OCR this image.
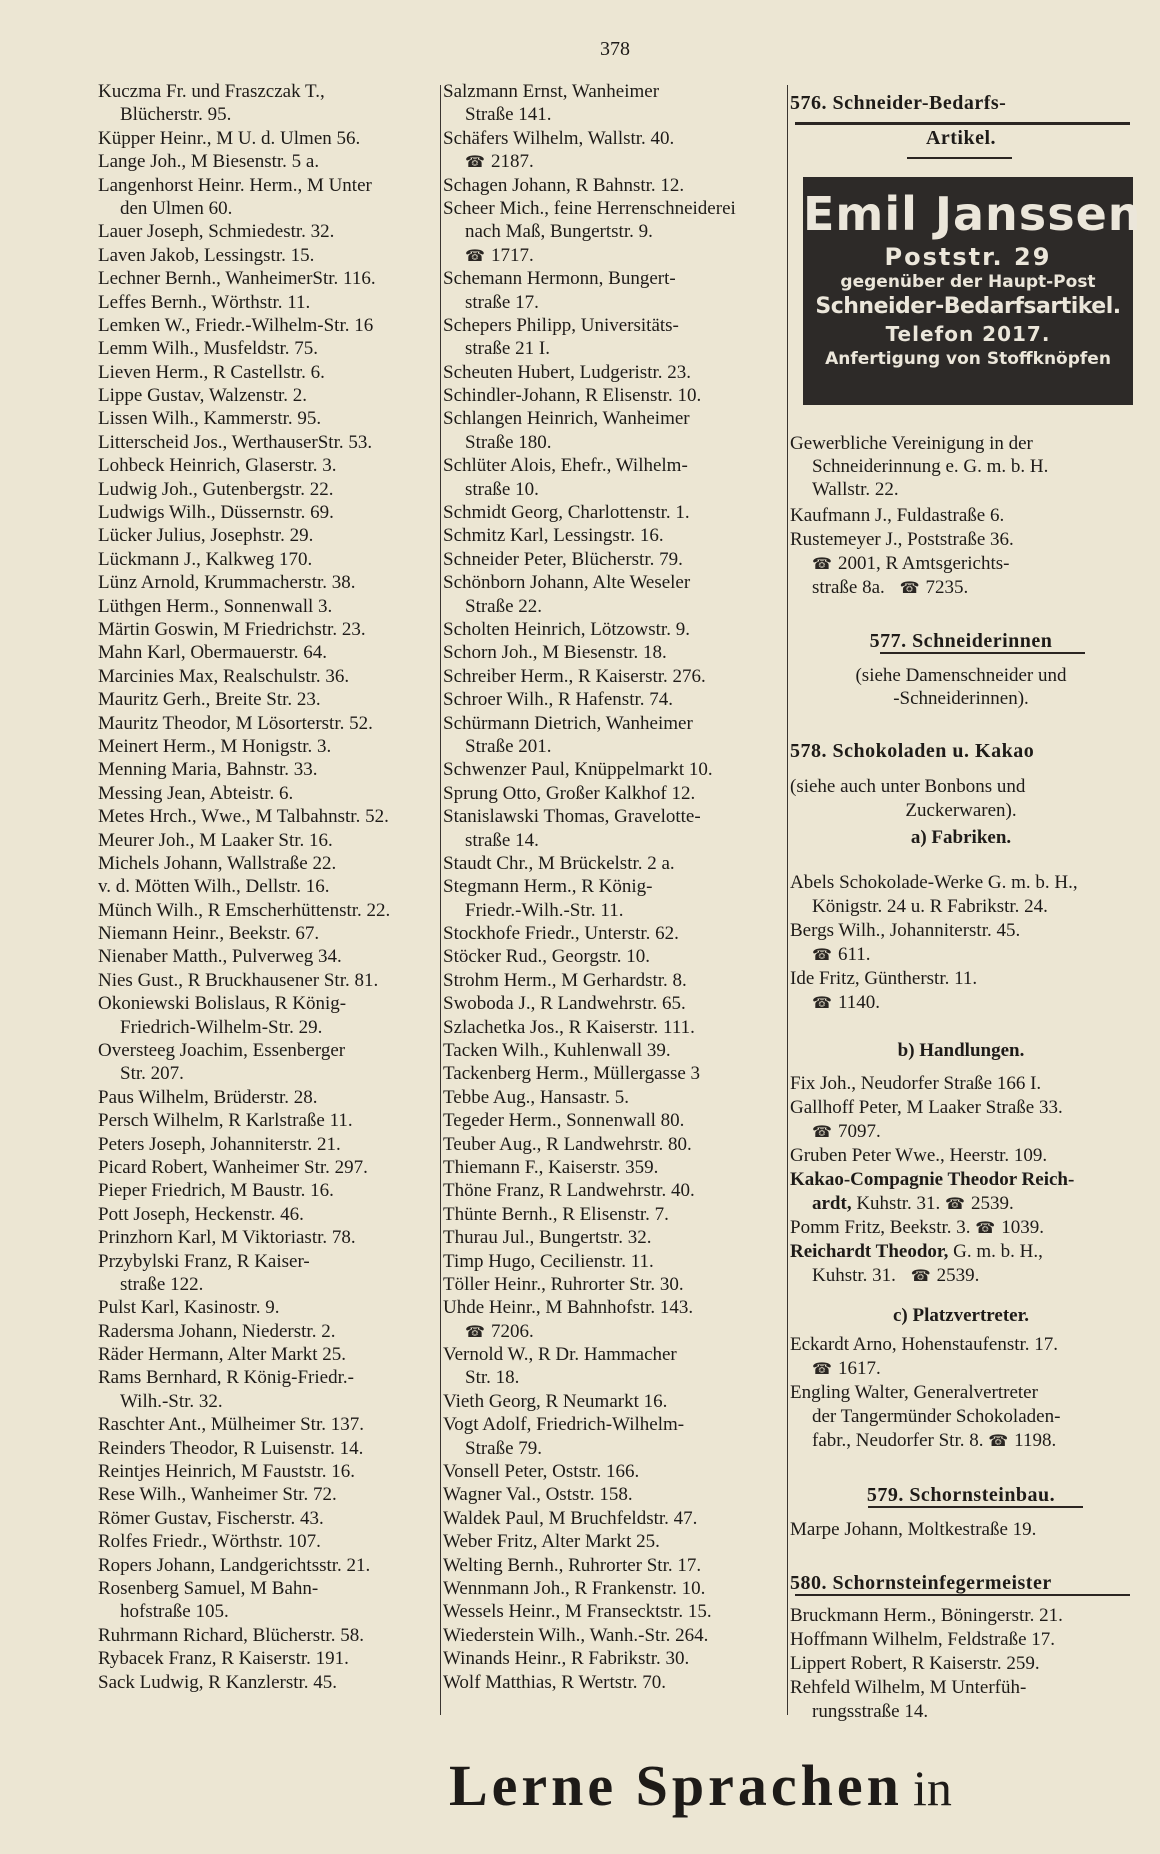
378
Kuczma Fr. und Fraszczak T.,
Blücherstr. 95.
Küpper Heinr., M U. d. Ulmen 56.
Lange Joh., M Biesenstr. 5 a.
Langenhorst Heinr. Herm., M Unter
den Ulmen 60.
Lauer Joseph, Schmiedestr. 32.
Laven Jakob, Lessingstr. 15.
Lechner Bernh., WanheimerStr. 116.
Leffes Bernh., Wörthstr. 11.
Lemken W., Friedr.-Wilhelm-Str. 16
Lemm Wilh., Musfeldstr. 75.
Lieven Herm., R Castellstr. 6.
Lippe Gustav, Walzenstr. 2.
Lissen Wilh., Kammerstr. 95.
Litterscheid Jos., WerthauserStr. 53.
Lohbeck Heinrich, Glaserstr. 3.
Ludwig Joh., Gutenbergstr. 22.
Ludwigs Wilh., Düssernstr. 69.
Lücker Julius, Josephstr. 29.
Lückmann J., Kalkweg 170.
Lünz Arnold, Krummacherstr. 38.
Lüthgen Herm., Sonnenwall 3.
Märtin Goswin, M Friedrichstr. 23.
Mahn Karl, Obermauerstr. 64.
Marcinies Max, Realschulstr. 36.
Mauritz Gerh., Breite Str. 23.
Mauritz Theodor, M Lösorterstr. 52.
Meinert Herm., M Honigstr. 3.
Menning Maria, Bahnstr. 33.
Messing Jean, Abteistr. 6.
Metes Hrch., Wwe., M Talbahnstr. 52.
Meurer Joh., M Laaker Str. 16.
Michels Johann, Wallstraße 22.
v. d. Mötten Wilh., Dellstr. 16.
Münch Wilh., R Emscherhüttenstr. 22.
Niemann Heinr., Beekstr. 67.
Nienaber Matth., Pulverweg 34.
Nies Gust., R Bruckhausener Str. 81.
Okoniewski Bolislaus, R König-
Friedrich-Wilhelm-Str. 29.
Oversteeg Joachim, Essenberger
Str. 207.
Paus Wilhelm, Brüderstr. 28.
Persch Wilhelm, R Karlstraße 11.
Peters Joseph, Johanniterstr. 21.
Picard Robert, Wanheimer Str. 297.
Pieper Friedrich, M Baustr. 16.
Pott Joseph, Heckenstr. 46.
Prinzhorn Karl, M Viktoriastr. 78.
Przybylski Franz, R Kaiser-
straße 122.
Pulst Karl, Kasinostr. 9.
Radersma Johann, Niederstr. 2.
Räder Hermann, Alter Markt 25.
Rams Bernhard, R König-Friedr.-
Wilh.-Str. 32.
Raschter Ant., Mülheimer Str. 137.
Reinders Theodor, R Luisenstr. 14.
Reintjes Heinrich, M Fauststr. 16.
Rese Wilh., Wanheimer Str. 72.
Römer Gustav, Fischerstr. 43.
Rolfes Friedr., Wörthstr. 107.
Ropers Johann, Landgerichtsstr. 21.
Rosenberg Samuel, M Bahn-
hofstraße 105.
Ruhrmann Richard, Blücherstr. 58.
Rybacek Franz, R Kaiserstr. 191.
Sack Ludwig, R Kanzlerstr. 45.
Salzmann Ernst, Wanheimer
Straße 141.
Schäfers Wilhelm, Wallstr. 40.
☎ 2187.
Schagen Johann, R Bahnstr. 12.
Scheer Mich., feine Herrenschneiderei
nach Maß, Bungertstr. 9.
☎ 1717.
Schemann Hermonn, Bungert-
straße 17.
Schepers Philipp, Universitäts-
straße 21 I.
Scheuten Hubert, Ludgeristr. 23.
Schindler-Johann, R Elisenstr. 10.
Schlangen Heinrich, Wanheimer
Straße 180.
Schlüter Alois, Ehefr., Wilhelm-
straße 10.
Schmidt Georg, Charlottenstr. 1.
Schmitz Karl, Lessingstr. 16.
Schneider Peter, Blücherstr. 79.
Schönborn Johann, Alte Weseler
Straße 22.
Scholten Heinrich, Lötzowstr. 9.
Schorn Joh., M Biesenstr. 18.
Schreiber Herm., R Kaiserstr. 276.
Schroer Wilh., R Hafenstr. 74.
Schürmann Dietrich, Wanheimer
Straße 201.
Schwenzer Paul, Knüppelmarkt 10.
Sprung Otto, Großer Kalkhof 12.
Stanislawski Thomas, Gravelotte-
straße 14.
Staudt Chr., M Brückelstr. 2 a.
Stegmann Herm., R König-
Friedr.-Wilh.-Str. 11.
Stockhofe Friedr., Unterstr. 62.
Stöcker Rud., Georgstr. 10.
Strohm Herm., M Gerhardstr. 8.
Swoboda J., R Landwehrstr. 65.
Szlachetka Jos., R Kaiserstr. 111.
Tacken Wilh., Kuhlenwall 39.
Tackenberg Herm., Müllergasse 3
Tebbe Aug., Hansastr. 5.
Tegeder Herm., Sonnenwall 80.
Teuber Aug., R Landwehrstr. 80.
Thiemann F., Kaiserstr. 359.
Thöne Franz, R Landwehrstr. 40.
Thünte Bernh., R Elisenstr. 7.
Thurau Jul., Bungertstr. 32.
Timp Hugo, Cecilienstr. 11.
Töller Heinr., Ruhrorter Str. 30.
Uhde Heinr., M Bahnhofstr. 143.
☎ 7206.
Vernold W., R Dr. Hammacher
Str. 18.
Vieth Georg, R Neumarkt 16.
Vogt Adolf, Friedrich-Wilhelm-
Straße 79.
Vonsell Peter, Oststr. 166.
Wagner Val., Oststr. 158.
Waldek Paul, M Bruchfeldstr. 47.
Weber Fritz, Alter Markt 25.
Welting Bernh., Ruhrorter Str. 17.
Wennmann Joh., R Frankenstr. 10.
Wessels Heinr., M Fransecktstr. 15.
Wiederstein Wilh., Wanh.-Str. 264.
Winands Heinr., R Fabrikstr. 30.
Wolf Matthias, R Wertstr. 70.
576. Schneider-Bedarfs-
Artikel.
Emil Janssen
Poststr. 29
gegenüber der Haupt-Post
Schneider-Bedarfsartikel.
Telefon 2017.
Anfertigung von Stoffknöpfen
Gewerbliche Vereinigung in der
Schneiderinnung e. G. m. b. H.
Wallstr. 22.
Kaufmann J., Fuldastraße 6.
Rustemeyer J., Poststraße 36.
☎ 2001, R Amtsgerichts-
straße 8a. ☎ 7235.
577. Schneiderinnen
(siehe Damenschneider und
-Schneiderinnen).
578. Schokoladen u. Kakao
(siehe auch unter Bonbons und
Zuckerwaren).
a) Fabriken.
Abels Schokolade-Werke G. m. b. H.,
Königstr. 24 u. R Fabrikstr. 24.
Bergs Wilh., Johanniterstr. 45.
☎ 611.
Ide Fritz, Güntherstr. 11.
☎ 1140.
b) Handlungen.
Fix Joh., Neudorfer Straße 166 I.
Gallhoff Peter, M Laaker Straße 33.
☎ 7097.
Gruben Peter Wwe., Heerstr. 109.
Kakao-Compagnie Theodor Reich-
ardt, Kuhstr. 31. ☎ 2539.
Pomm Fritz, Beekstr. 3. ☎ 1039.
Reichardt Theodor, G. m. b. H.,
Kuhstr. 31. ☎ 2539.
c) Platzvertreter.
Eckardt Arno, Hohenstaufenstr. 17.
☎ 1617.
Engling Walter, Generalvertreter
der Tangermünder Schokoladen-
fabr., Neudorfer Str. 8. ☎ 1198.
579. Schornsteinbau.
Marpe Johann, Moltkestraße 19.
580. Schornsteinfegermeister
Bruckmann Herm., Böningerstr. 21.
Hoffmann Wilhelm, Feldstraße 17.
Lippert Robert, R Kaiserstr. 259.
Rehfeld Wilhelm, M Unterfüh-
rungsstraße 14.
Lerne Sprachen in
